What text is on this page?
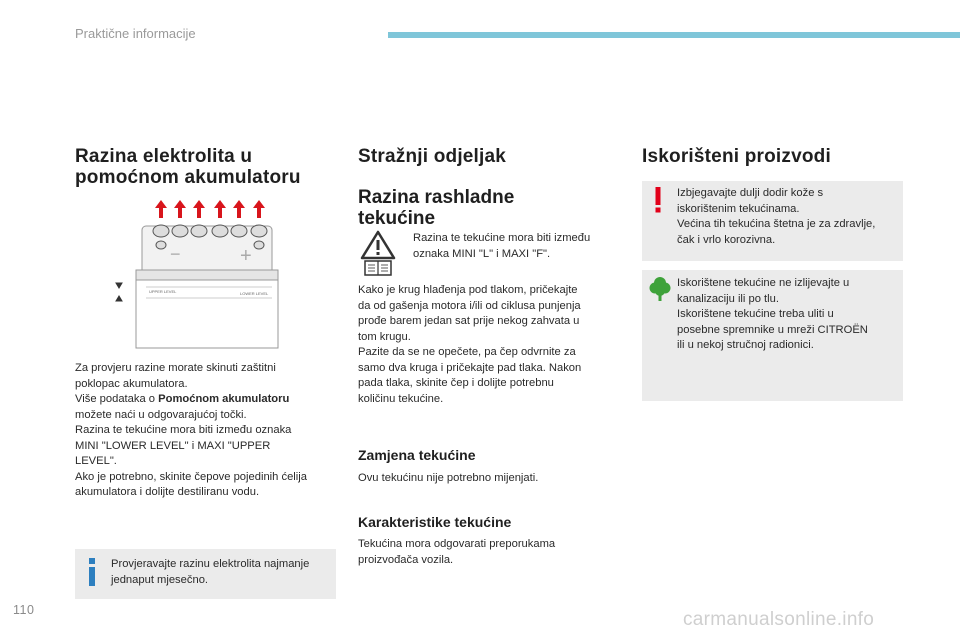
Praktične informacije
Razina elektrolita u
pomoćnom akumulatoru
−	+
UPPER LEVEL	LOWER LEVEL

Za provjeru razine morate skinuti zaštitni

poklopac akumulatora.

Više podataka o Pomoćnom akumulatoru

možete naći u odgovarajućoj točki.

Razina te tekućine mora biti između oznaka

MINI "LOWER LEVEL" i MAXI "UPPER

LEVEL".

Ako je potrebno, skinite čepove pojedinih ćelija

akumulatora i dolijte destiliranu vodu.

Provjeravajte razinu elektrolita najmanje

jednaput mjesečno.

Stražnji odjeljak
Razina rashladne
tekućine

Razina te tekućine mora biti između

oznaka MINI "L" i MAXI "F".

Kako je krug hlađenja pod tlakom, pričekajte

da od gašenja motora i/ili od ciklusa punjenja

prođe barem jedan sat prije nekog zahvata u

tom krugu.

Pazite da se ne opečete, pa čep odvrnite za

samo dva kruga i pričekajte pad tlaka. Nakon

pada tlaka, skinite čep i dolijte potrebnu

količinu tekućine.

Zamjena tekućine
Ovu tekućinu nije potrebno mijenjati.
Karakteristike tekućine

Tekućina mora odgovarati preporukama

proizvođača vozila.

Iskorišteni proizvodi

Izbjegavajte dulji dodir kože s

iskorištenim tekućinama.

Većina tih tekućina štetna je za zdravlje,

čak i vrlo korozivna.

Iskorištene tekućine ne izlijevajte u

kanalizaciju ili po tlu.

Iskorištene tekućine treba uliti u

posebne spremnike u mreži CITROËN

ili u nekoj stručnoj radionici.

110	carmanualsonline.info
